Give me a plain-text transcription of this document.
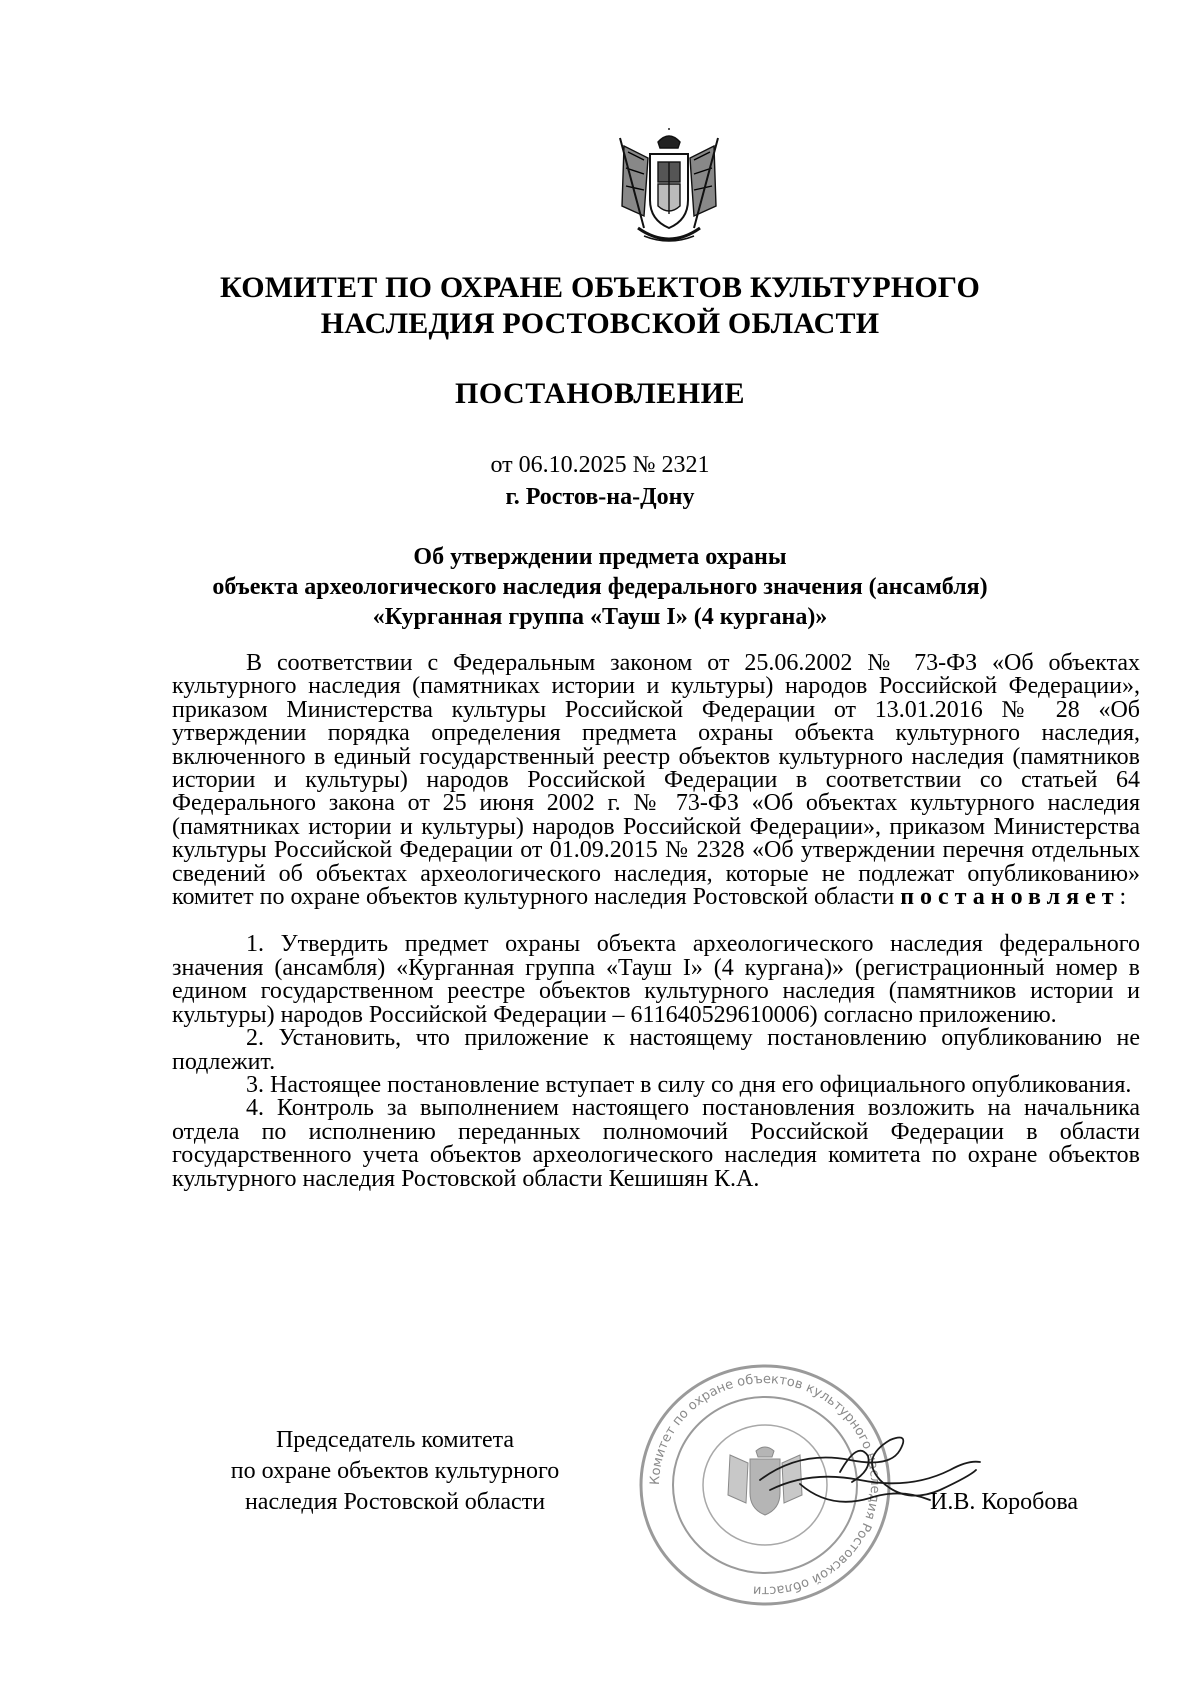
КОМИТЕТ ПО ОХРАНЕ ОБЪЕКТОВ КУЛЬТУРНОГО
НАСЛЕДИЯ РОСТОВСКОЙ ОБЛАСТИ
ПОСТАНОВЛЕНИЕ
от 06.10.2025 № 2321
г. Ростов-на-Дону
Об утверждении предмета охраны
объекта археологического наследия федерального значения (ансамбля)
«Курганная группа «Тауш I» (4 кургана)»

В соответствии с Федеральным законом от 25.06.2002 № 73-ФЗ «Об объектах культурного наследия (памятниках истории и культуры) народов Российской Федерации», приказом Министерства культуры Российской Федерации от 13.01.2016 № 28 «Об утверждении порядка определения предмета охраны объекта культурного наследия, включенного в единый государственный реестр объектов культурного наследия (памятников истории и культуры) народов Российской Федерации в соответствии со статьей 64 Федерального закона от 25 июня 2002 г. № 73-ФЗ «Об объектах культурного наследия (памятниках истории и культуры) народов Российской Федерации», приказом Министерства культуры Российской Федерации от 01.09.2015 № 2328 «Об утверждении перечня отдельных сведений об объектах археологического наследия, которые не подлежат опубликованию» комитет по охране объектов культурного наследия Ростовской области постановляет:

1. Утвердить предмет охраны объекта археологического наследия федерального значения (ансамбля) «Курганная группа «Тауш I» (4 кургана)» (регистрационный номер в едином государственном реестре объектов культурного наследия (памятников истории и культуры) народов Российской Федерации – 611640529610006) согласно приложению.

2. Установить, что приложение к настоящему постановлению опубликованию не подлежит.

3. Настоящее постановление вступает в силу со дня его официального опубликования.

4. Контроль за выполнением настоящего постановления возложить на начальника отдела по исполнению переданных полномочий Российской Федерации в области государственного учета объектов археологического наследия комитета по охране объектов культурного наследия Ростовской области Кешишян К.А.

Председатель комитета
по охране объектов культурного
наследия Ростовской области
Комитет по охране объектов культурного наследия Ростовской области
И.В. Коробова
